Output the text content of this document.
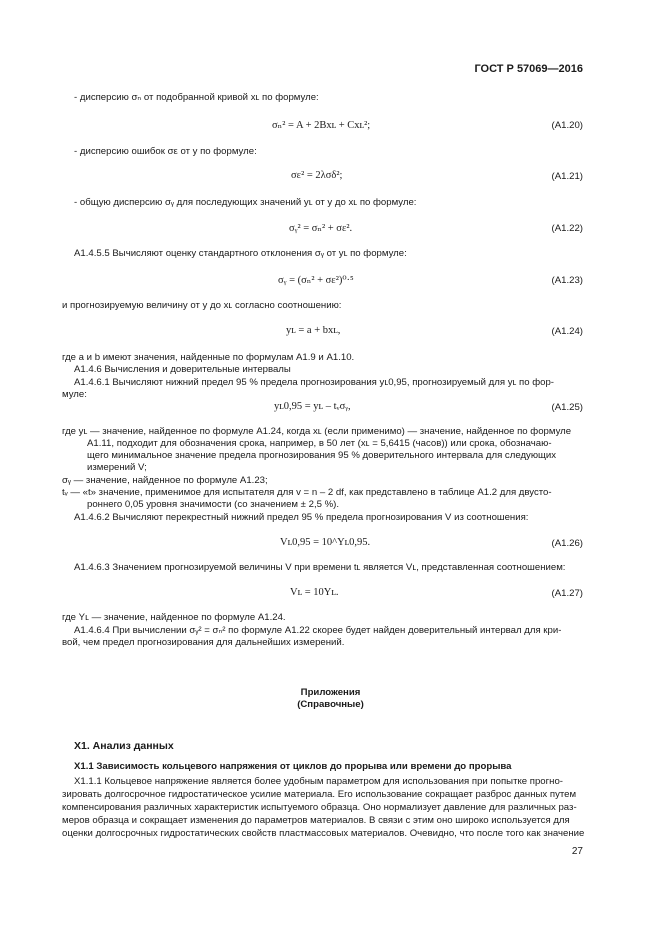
ГОСТ Р 57069—2016
- дисперсию σₙ от подобранной кривой xʟ по формуле:
σₙ² = A + 2Bxʟ + Cxʟ²;	(A1.20)
- дисперсию ошибок σε от y по формуле:
σε² = 2λσδ²;	(A1.21)
- общую дисперсию σᵧ для последующих значений yʟ от y до xʟ по формуле:
σᵧ² = σₙ² + σε².	(A1.22)
А1.4.5.5 Вычисляют оценку стандартного отклонения σᵧ от yʟ по формуле:
σᵧ = (σₙ² + σε²)⁰·⁵	(A1.23)
и прогнозируемую величину от y до xʟ согласно соотношению:
yʟ = a + bxʟ,	(A1.24)
где a и b имеют значения, найденные по формулам А1.9 и А1.10.
А1.4.6 Вычисления и доверительные интервалы
А1.4.6.1 Вычисляют нижний предел 95 % предела прогнозирования yʟ0,95, прогнозируемый для yʟ по фор-
муле:
yʟ0,95 = yʟ – tᵥσᵧ,	(A1.25)
где yʟ — значение, найденное по формуле А1.24, когда xʟ (если применимо) — значение, найденное по формуле
А1.11, подходит для обозначения срока, например, в 50 лет (xʟ = 5,6415 (часов)) или срока, обозначаю-
щего минимальное значение предела прогнозирования 95 % доверительного интервала для следующих
измерений V;
σᵧ — значение, найденное по формуле А1.23;
tᵥ — «t» значение, применимое для испытателя для v = n – 2 df, как представлено в таблице А1.2 для двусто-
роннего 0,05 уровня значимости (со значением ± 2,5 %).
А1.4.6.2 Вычисляют перекрестный нижний предел 95 % предела прогнозирования V из соотношения:
Vʟ0,95 = 10^Yʟ0,95.	(A1.26)
А1.4.6.3 Значением прогнозируемой величины V при времени tʟ является Vʟ, представленная соотношением:
Vʟ = 10Yʟ.	(A1.27)
где Yʟ — значение, найденное по формуле А1.24.
А1.4.6.4 При вычислении σᵧ² = σₙ² по формуле А1.22 скорее будет найден доверительный интервал для кри-
вой, чем предел прогнозирования для дальнейших измерений.
Приложения
(Справочные)
X1. Анализ данных
X1.1 Зависимость кольцевого напряжения от циклов до прорыва или времени до прорыва
X1.1.1 Кольцевое напряжение является более удобным параметром для использования при попытке прогно-
зировать долгосрочное гидростатическое усилие материала. Его использование сокращает разброс данных путем
компенсирования различных характеристик испытуемого образца. Оно нормализует давление для различных раз-
меров образца и сокращает изменения до параметров материалов. В связи с этим оно широко используется для
оценки долгосрочных гидростатических свойств пластмассовых материалов. Очевидно, что после того как значение
27
